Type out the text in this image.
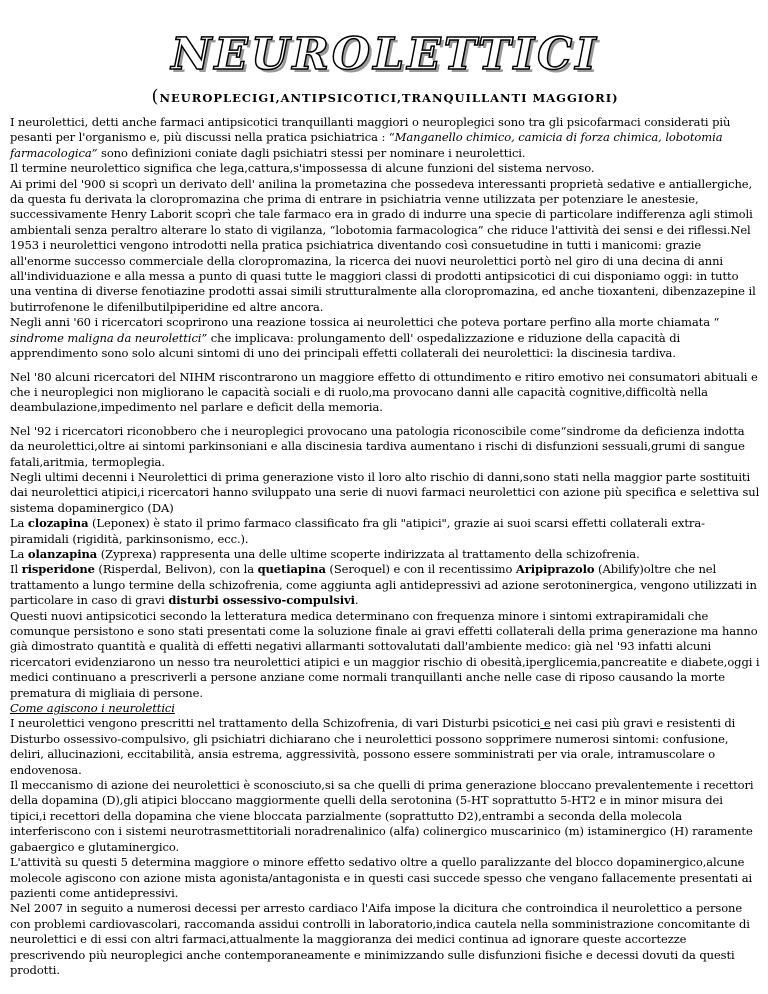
NEUROLETTICI
(NEUROPLECIGI,ANTIPSICOTICI,TRANQUILLANTI MAGGIORI)

I neurolettici, detti anche farmaci antipsicotici tranquillanti maggiori o neuroplegici sono tra gli psicofarmaci considerati più pesanti per l'organismo e, più discussi nella pratica psichiatrica : “Manganello chimico, camicia di forza chimica, lobotomia farmacologica” sono definizioni coniate dagli psichiatri stessi per nominare i neurolettici.

Il termine neurolettico significa che lega,cattura,s'impossessa di alcune funzioni del sistema nervoso.

Ai primi del '900 si scoprì un derivato dell' anilina la prometazina che possedeva interessanti proprietà sedative e antiallergiche, da questa fu derivata la cloropromazina che prima di entrare in psichiatria venne utilizzata per potenziare le anestesie, successivamente Henry Laborit scoprì che tale farmaco era in grado di indurre una specie di particolare indifferenza agli stimoli ambientali senza peraltro alterare lo stato di vigilanza, “lobotomia farmacologica” che riduce l'attività dei sensi e dei riflessi.Nel 1953 i neurolettici vengono introdotti nella pratica psichiatrica diventando così consuetudine in tutti i manicomi: grazie all'enorme successo commerciale della cloropromazina, la ricerca dei nuovi neurolettici portò nel giro di una decina di anni all'individuazione e alla messa a punto di quasi tutte le maggiori classi di prodotti antipsicotici di cui disponiamo oggi: in tutto una ventina di diverse fenotiazine prodotti assai simili strutturalmente alla cloropromazina, ed anche tioxanteni, dibenzazepine il butirrofenone le difenilbutilpiperidine ed altre ancora.

Negli anni '60 i ricercatori scoprirono una reazione tossica ai neurolettici che poteva portare perfino alla morte chiamata “ sindrome maligna da neurolettici” che implicava: prolungamento dell' ospedalizzazione e riduzione della capacità di apprendimento sono solo alcuni sintomi di uno dei principali effetti collaterali dei neurolettici: la discinesia tardiva.

Nel '80 alcuni ricercatori del NIHM riscontrarono un maggiore effetto di ottundimento e ritiro emotivo nei consumatori abituali e che i neuroplegici non migliorano le capacità sociali e di ruolo,ma provocano danni alle capacità cognitive,difficoltà nella deambulazione,impedimento nel parlare e deficit della memoria.

Nel '92 i ricercatori riconobbero che i neuroplegici provocano una patologia riconoscibile come“sindrome da deficienza indotta da neurolettici,oltre ai sintomi parkinsoniani e alla discinesia tardiva aumentano i rischi di disfunzioni sessuali,grumi di sangue fatali,aritmia, termoplegia.

Negli ultimi decenni i Neurolettici di prima generazione visto il loro alto rischio di danni,sono stati nella maggior parte sostituiti dai neurolettici atipici,i ricercatori hanno sviluppato una serie di nuovi farmaci neurolettici con azione più specifica e selettiva sul sistema dopaminergico (DA)

La clozapina (Leponex) è stato il primo farmaco classificato fra gli "atipici", grazie ai suoi scarsi effetti collaterali extra-piramidali (rigidità, parkinsonismo, ecc.).

La olanzapina (Zyprexa) rappresenta una delle ultime scoperte indirizzata al trattamento della schizofrenia.

Il risperidone (Risperdal, Belivon), con la quetiapina (Seroquel) e con il recentissimo Aripiprazolo (Abilify)oltre che nel trattamento a lungo termine della schizofrenia, come aggiunta agli antidepressivi ad azione serotoninergica, vengono utilizzati in particolare in caso di gravi disturbi ossessivo-compulsivi.

Questi nuovi antipsicotici secondo la letteratura medica determinano con frequenza minore i sintomi extrapiramidali che comunque persistono e sono stati presentati come la soluzione finale ai gravi effetti collaterali della prima generazione ma hanno già dimostrato quantità e qualità di effetti negativi allarmanti sottovalutati dall'ambiente medico: già nel '93 infatti alcuni ricercatori evidenziarono un nesso tra neurolettici atipici e un maggior rischio di obesità,iperglicemia,pancreatite e diabete,oggi i medici continuano a prescriverli a persone anziane come normali tranquillanti anche nelle case di riposo causando la morte prematura di migliaia di persone.

Come agiscono i neurolettici

I neurolettici vengono prescritti nel trattamento della Schizofrenia, di vari Disturbi psicotici e nei casi più gravi e resistenti di Disturbo ossessivo-compulsivo, gli psichiatri dichiarano che i neurolettici possono sopprimere numerosi sintomi: confusione, deliri, allucinazioni, eccitabilità, ansia estrema, aggressività, possono essere somministrati per via orale, intramuscolare o endovenosa.

Il meccanismo di azione dei neurolettici è sconosciuto,si sa che quelli di prima generazione bloccano prevalentemente i recettori della dopamina (D),gli atipici bloccano maggiormente quelli della serotonina (5-HT soprattutto 5-HT2 e in minor misura dei tipici,i recettori della dopamina che viene bloccata parzialmente (soprattutto D2),entrambi a seconda della molecola interferiscono con i sistemi neurotrasmettitoriali noradrenalinico (alfa) colinergico muscarinico (m) istaminergico (H) raramente gabaergico e glutaminergico.

L'attività su questi 5 determina maggiore o minore effetto sedativo oltre a quello paralizzante del blocco dopaminergico,alcune molecole agiscono con azione mista agonista/antagonista e in questi casi succede spesso che vengano fallacemente presentati ai pazienti come antidepressivi.

Nel 2007 in seguito a numerosi decessi per arresto cardiaco l'Aifa impose la dicitura che controindica il neurolettico a persone con problemi cardiovascolari, raccomanda assidui controlli in laboratorio,indica cautela nella somministrazione concomitante di neurolettici e di essi con altri farmaci,attualmente la maggioranza dei medici continua ad ignorare queste accortezze prescrivendo più neuroplegici anche contemporaneamente e minimizzando sulle disfunzioni fisiche e decessi dovuti da questi prodotti.
